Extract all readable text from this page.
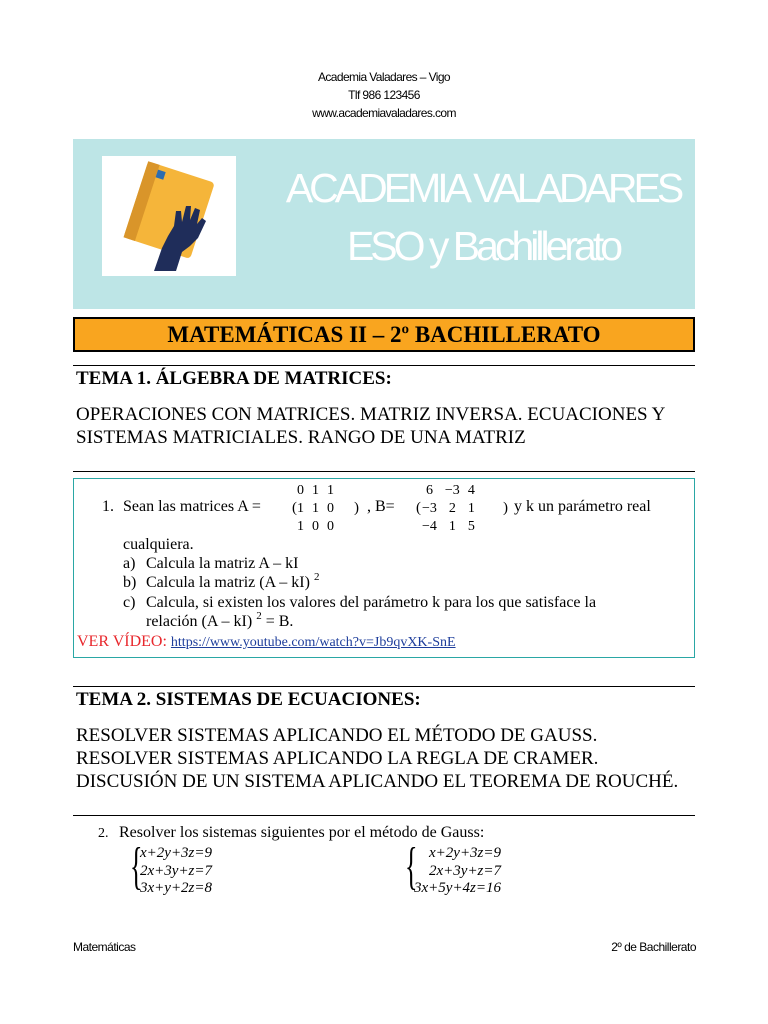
Academia Valadares – Vigo
Tlf 986 123456
www.academiavaladares.com
ACADEMIA VALADARES
ESO y Bachillerato
MATEMÁTICAS II – 2º BACHILLERATO
TEMA 1. ÁLGEBRA DE MATRICES:
OPERACIONES CON MATRICES. MATRIZ INVERSA. ECUACIONES Y SISTEMAS MATRICIALES. RANGO DE UNA MATRIZ
1. Sean las matrices A = (
0	1	1
1	1	0
1	0	0
) , B= (
6	−3	4
−3	2	1
−4	1	5
) y k un parámetro real
cualquiera.
a) Calcula la matriz A – kI
b) Calcula la matriz (A – kI) $^2$
c) Calcula, si existen los valores del parámetro k para los que satisface la
relación (A – kI) $^2$ = B.
VER VÍDEO: https://www.youtube.com/watch?v=Jb9qvXK-SnE
TEMA 2. SISTEMAS DE ECUACIONES:
RESOLVER SISTEMAS APLICANDO EL MÉTODO DE GAUSS. RESOLVER SISTEMAS APLICANDO LA REGLA DE CRAMER. DISCUSIÓN DE UN SISTEMA APLICANDO EL TEOREMA DE ROUCHÉ.
2. Resolver los sistemas siguientes por el método de Gauss:
{
x+2y+3z=9
2x+3y+z=7
3x+y+2z=8	{ x+2y+3z=9
2x+3y+z=7
3x+5y+4z=16
Matemáticas	2º de Bachillerato
